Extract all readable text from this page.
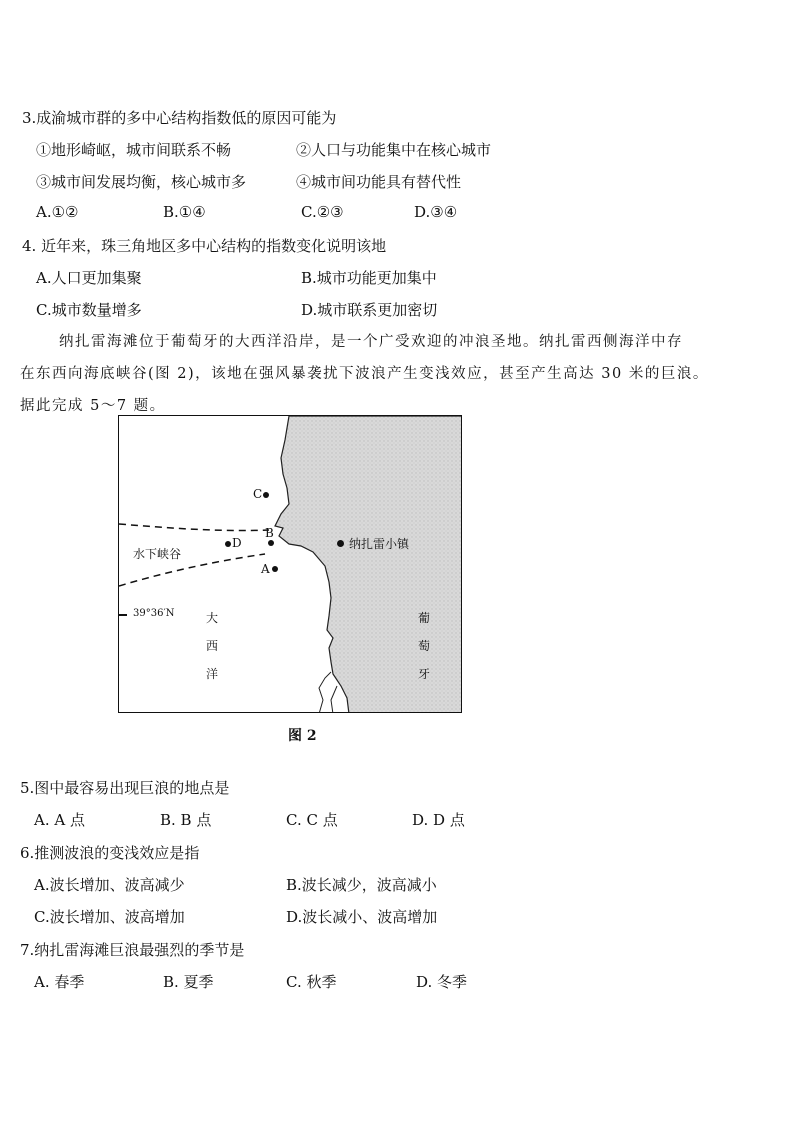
3.成渝城市群的多中心结构指数低的原因可能为
①地形崎岖，城市间联系不畅	②人口与功能集中在核心城市
③城市间发展均衡，核心城市多	④城市间功能具有替代性
A.①②	B.①④	C.②③	D.③④
4. 近年来，珠三角地区多中心结构的指数变化说明该地
A.人口更加集聚	B.城市功能更加集中
C.城市数量增多	D.城市联系更加密切
纳扎雷海滩位于葡萄牙的大西洋沿岸，是一个广受欢迎的冲浪圣地。纳扎雷西侧海洋中存
在东西向海底峡谷(图 2)，该地在强风暴袭扰下波浪产生变浅效应，甚至产生高达 30 米的巨浪。
据此完成 5～7 题。
水下峡谷
39°36′N
C
B
D
A
纳扎雷小镇
大
西
洋
葡
萄
牙
图 2
5.图中最容易出现巨浪的地点是
A. A 点	B. B 点	C. C 点	D. D 点
6.推测波浪的变浅效应是指
A.波长增加、波高减少	B.波长减少，波高减小
C.波长增加、波高增加	D.波长减小、波高增加
7.纳扎雷海滩巨浪最强烈的季节是
A. 春季	B. 夏季	C. 秋季	D. 冬季
